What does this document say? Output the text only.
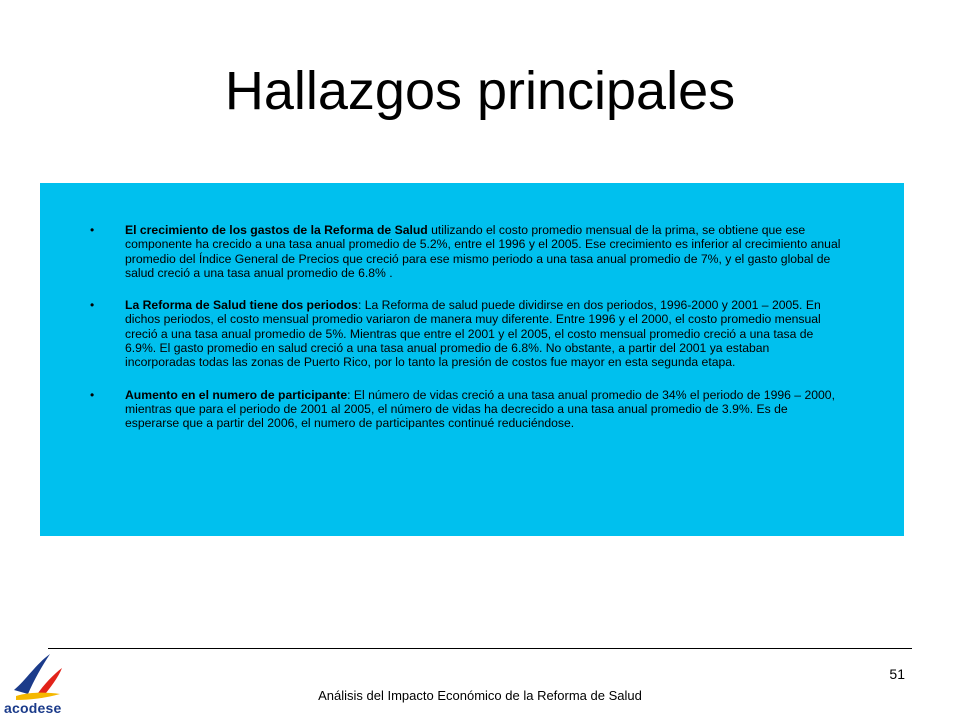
Hallazgos principales
•	El crecimiento de los gastos de la Reforma de Salud utilizando el costo promedio mensual de la prima, se obtiene que ese componente ha crecido a una tasa anual promedio de 5.2%, entre el 1996 y el 2005. Ese crecimiento es inferior al crecimiento anual promedio del Índice General de Precios que creció para ese mismo periodo a una tasa anual promedio de 7%, y el gasto global de salud creció a una tasa anual promedio de 6.8% .
•	La Reforma de Salud tiene dos periodos: La Reforma de salud puede dividirse en dos periodos, 1996-2000 y 2001 – 2005. En dichos periodos, el costo mensual promedio variaron de manera muy diferente. Entre 1996 y el 2000, el costo promedio mensual creció a una tasa anual promedio de 5%. Mientras que entre el 2001 y el 2005, el costo mensual promedio creció a una tasa de 6.9%. El gasto promedio en salud creció a una tasa anual promedio de 6.8%. No obstante, a partir del 2001 ya estaban incorporadas todas las zonas de Puerto Rico, por lo tanto la presión de costos fue mayor en esta segunda etapa.
•	Aumento en el numero de participante: El número de vidas creció a una tasa anual promedio de 34% el periodo de 1996 – 2000, mientras que para el periodo de 2001 al 2005, el número de vidas ha decrecido a una tasa anual promedio de 3.9%. Es de esperarse que a partir del 2006, el numero de participantes continué reduciéndose.
51
Análisis del Impacto Económico de la Reforma de Salud
acodese
